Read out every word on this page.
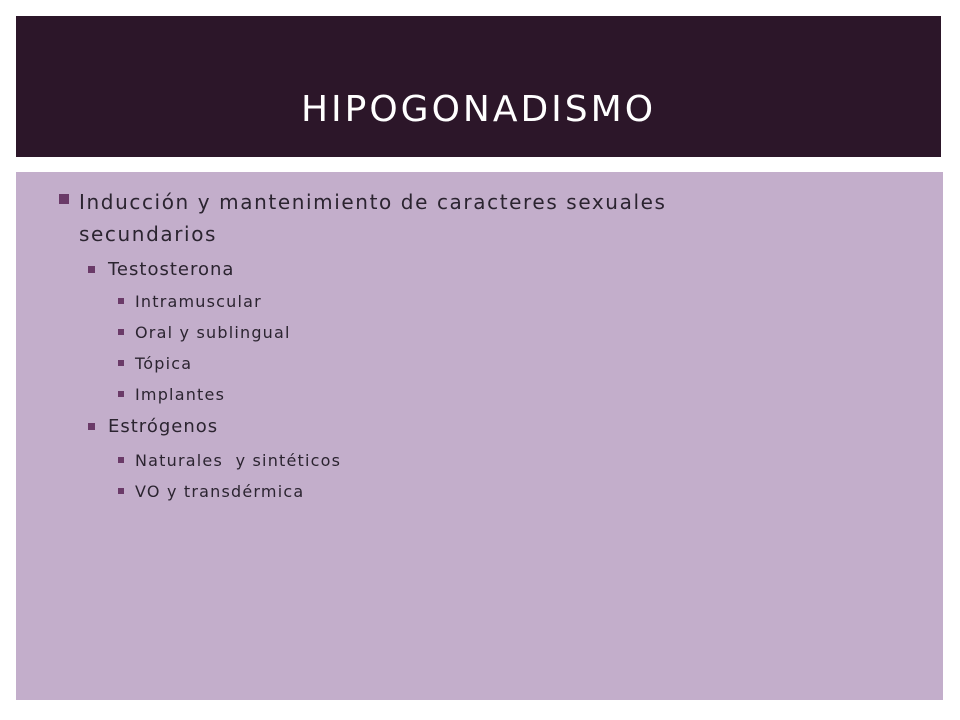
HIPOGONADISMO
Inducción y mantenimiento de caracteres sexuales
secundarios
Testosterona
Intramuscular
Oral y sublingual
Tópica
Implantes
Estrógenos
Naturales  y sintéticos
VO y transdérmica
